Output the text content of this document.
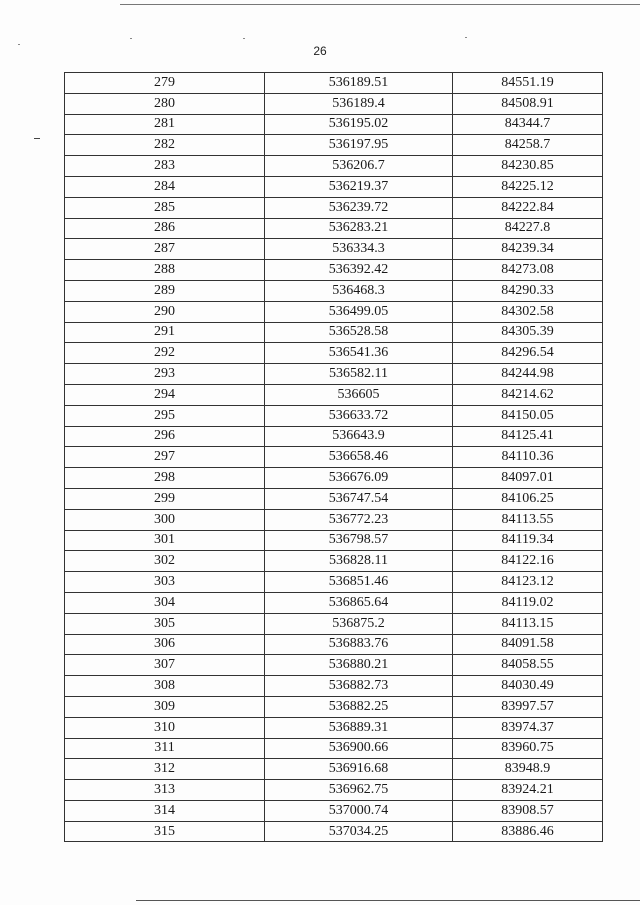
26
279	536189.51	84551.19
280	536189.4	84508.91
281	536195.02	84344.7
282	536197.95	84258.7
283	536206.7	84230.85
284	536219.37	84225.12
285	536239.72	84222.84
286	536283.21	84227.8
287	536334.3	84239.34
288	536392.42	84273.08
289	536468.3	84290.33
290	536499.05	84302.58
291	536528.58	84305.39
292	536541.36	84296.54
293	536582.11	84244.98
294	536605	84214.62
295	536633.72	84150.05
296	536643.9	84125.41
297	536658.46	84110.36
298	536676.09	84097.01
299	536747.54	84106.25
300	536772.23	84113.55
301	536798.57	84119.34
302	536828.11	84122.16
303	536851.46	84123.12
304	536865.64	84119.02
305	536875.2	84113.15
306	536883.76	84091.58
307	536880.21	84058.55
308	536882.73	84030.49
309	536882.25	83997.57
310	536889.31	83974.37
311	536900.66	83960.75
312	536916.68	83948.9
313	536962.75	83924.21
314	537000.74	83908.57
315	537034.25	83886.46
